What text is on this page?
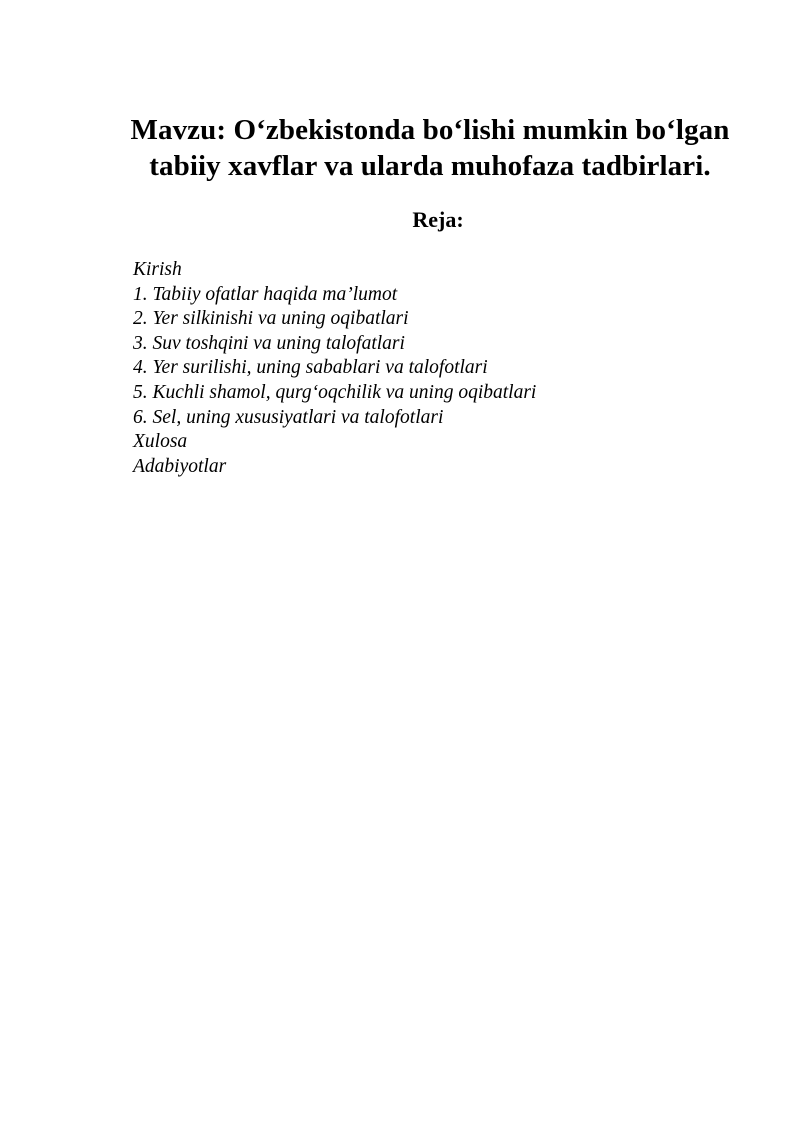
Mavzu: O‘zbekistonda bo‘lishi mumkin bo‘lgan
tabiiy xavflar va ularda muhofaza tadbirlari.
Reja:
Kirish
1. Tabiiy ofatlar haqida ma’lumot
2. Yer silkinishi va uning oqibatlari
3. Suv toshqini va uning talofatlari
4. Yer surilishi, uning sabablari va talofotlari
5. Kuchli shamol, qurg‘oqchilik va uning oqibatlari
6. Sel, uning xususiyatlari va talofotlari
Xulosa
Adabiyotlar
